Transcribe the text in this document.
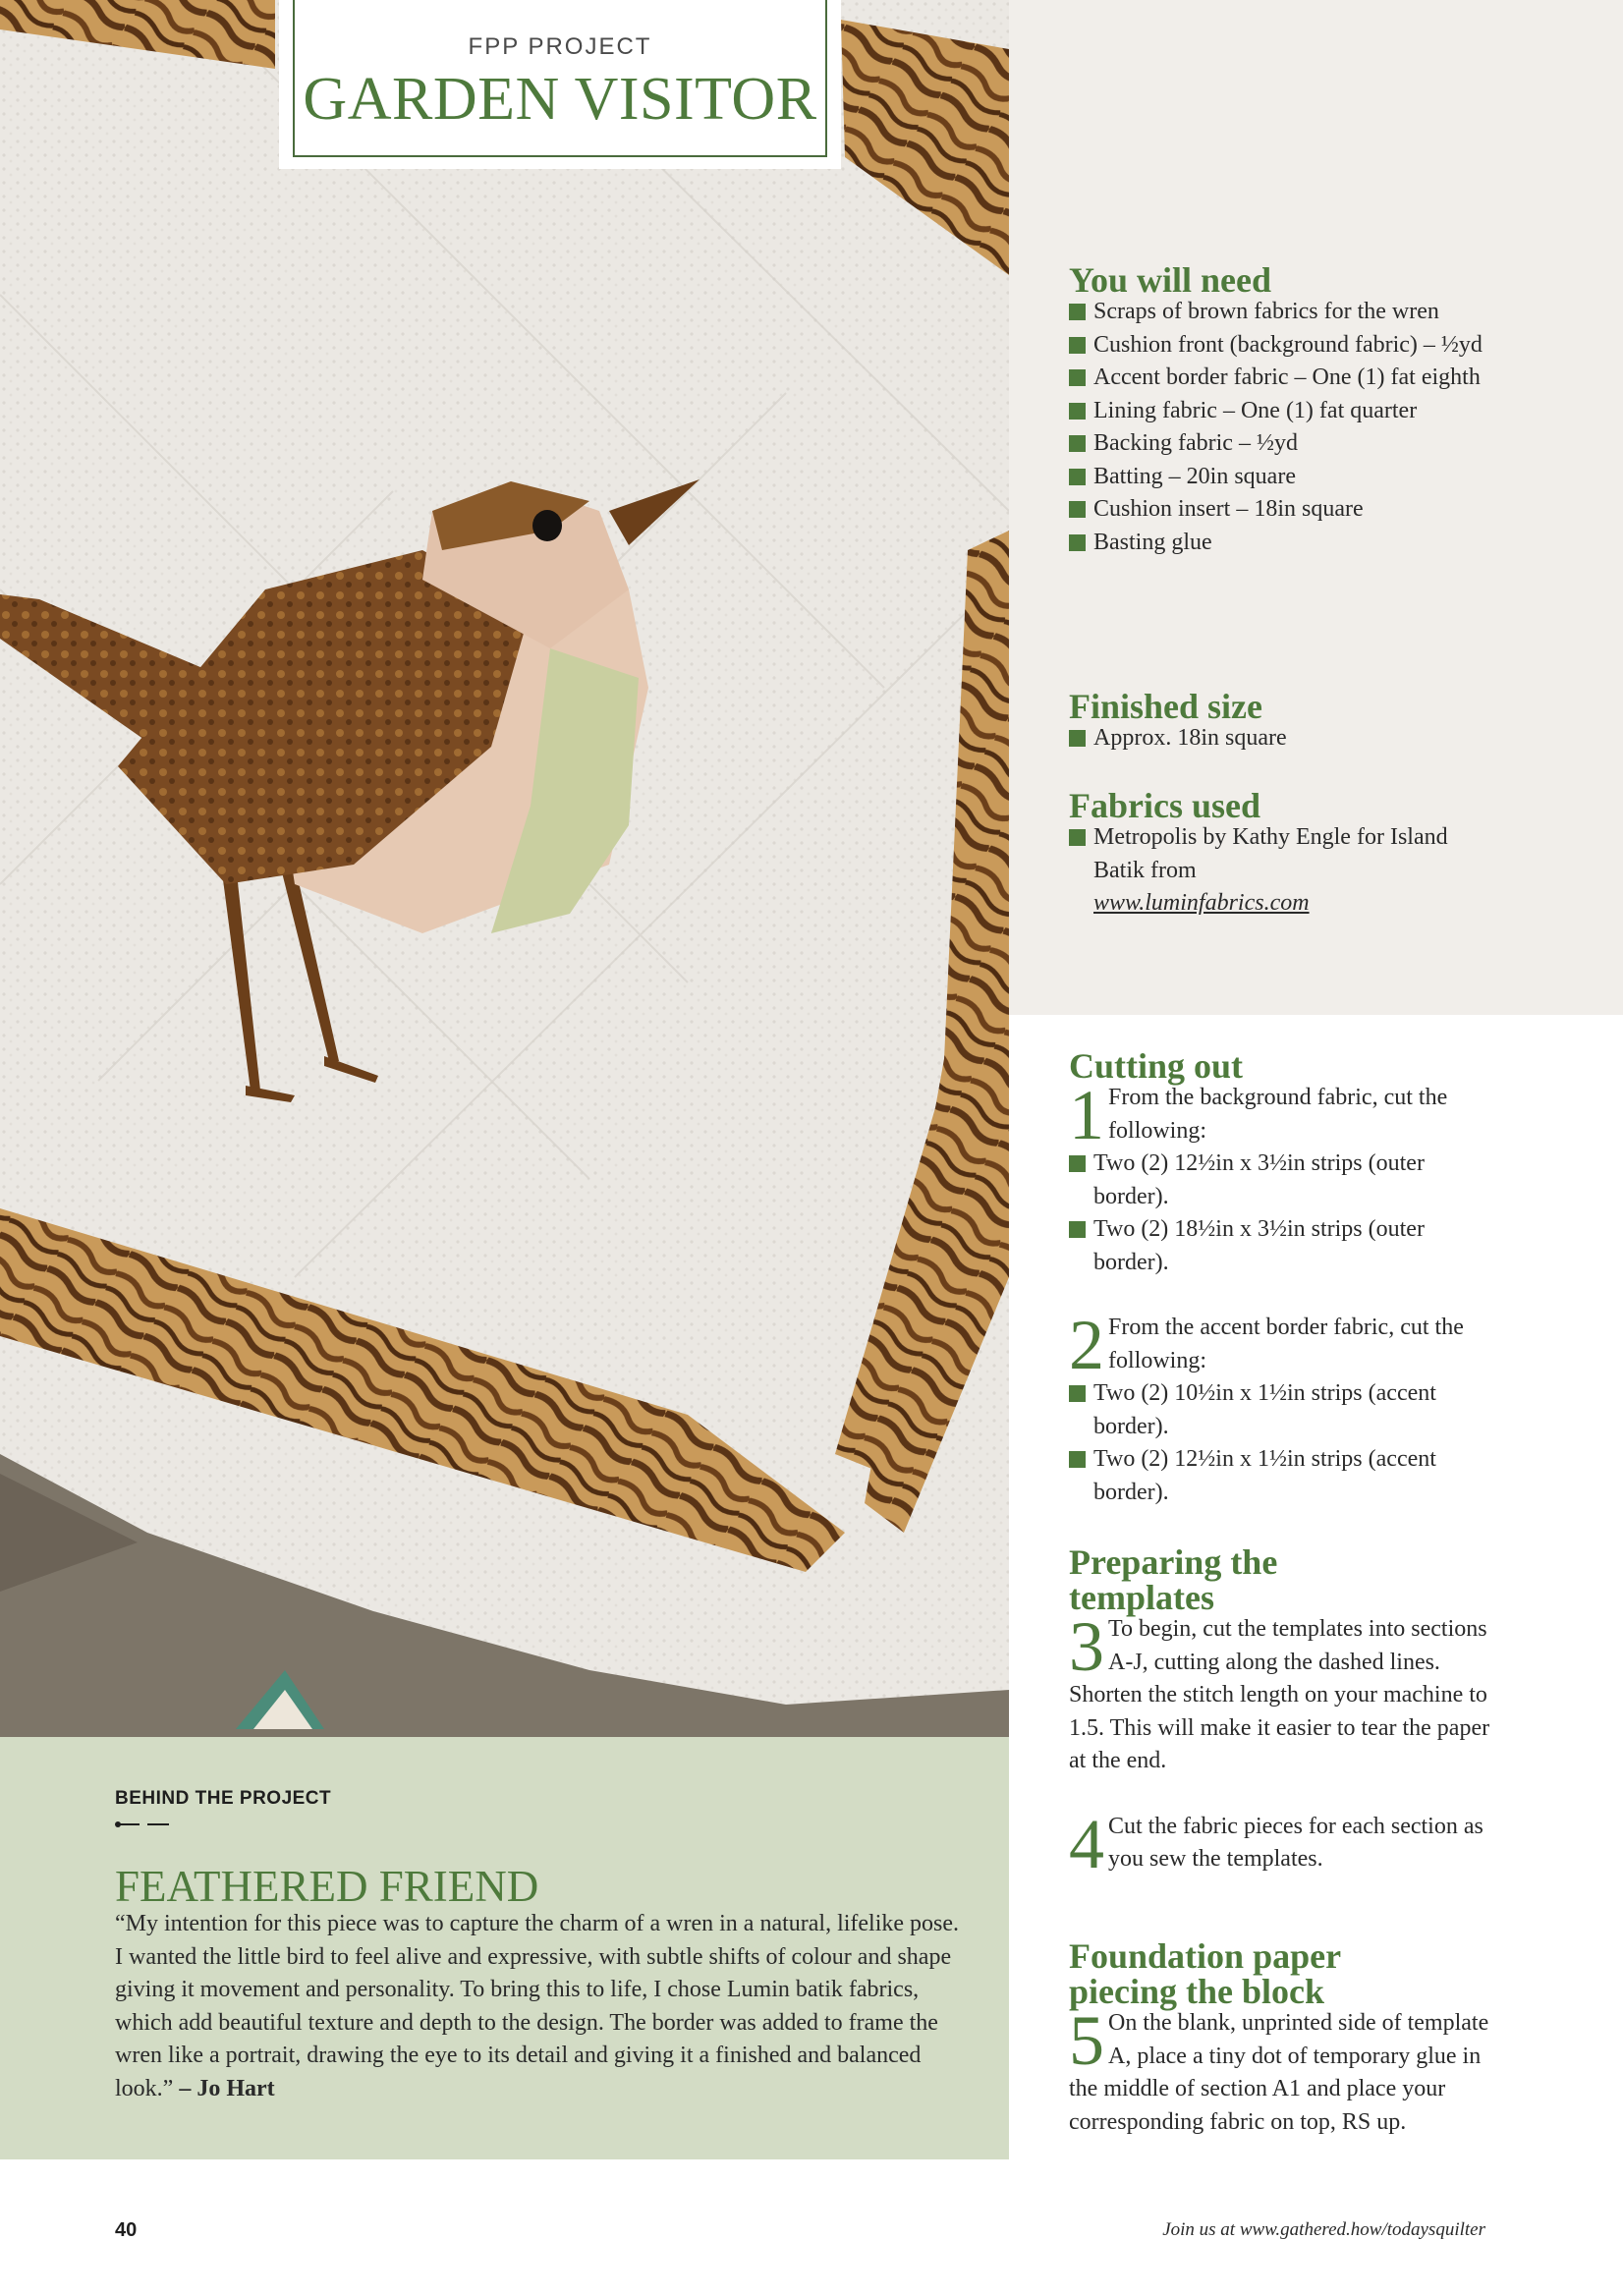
FPP PROJECT
GARDEN VISITOR
You will need
Scraps of brown fabrics for the wren
Cushion front (background fabric) – ½yd
Accent border fabric – One (1) fat eighth
Lining fabric – One (1) fat quarter
Backing fabric – ½yd
Batting – 20in square
Cushion insert – 18in square
Basting glue
Finished size
Approx. 18in square
Fabrics used
Metropolis by Kathy Engle for Island Batik from
www.luminfabrics.com
Cutting out
1 From the background fabric, cut the following:
Two (2) 12½in x 3½in strips (outer border).
Two (2) 18½in x 3½in strips (outer border).
2 From the accent border fabric, cut the following:
Two (2) 10½in x 1½in strips (accent border).
Two (2) 12½in x 1½in strips (accent border).
Preparing the templates
3 To begin, cut the templates into sections A-J, cutting along the dashed lines. Shorten the stitch length on your machine to 1.5. This will make it easier to tear the paper at the end.
4 Cut the fabric pieces for each section as you sew the templates.
Foundation paper piecing the block
5 On the blank, unprinted side of template A, place a tiny dot of temporary glue in the middle of section A1 and place your corresponding fabric on top, RS up.
BEHIND THE PROJECT
FEATHERED FRIEND
“My intention for this piece was to capture the charm of a wren in a natural, lifelike pose. I wanted the little bird to feel alive and expressive, with subtle shifts of colour and shape giving it movement and personality. To bring this to life, I chose Lumin batik fabrics, which add beautiful texture and depth to the design. The border was added to frame the wren like a portrait, drawing the eye to its detail and giving it a finished and balanced look.” – Jo Hart
40	Join us at www.gathered.how/todaysquilter
